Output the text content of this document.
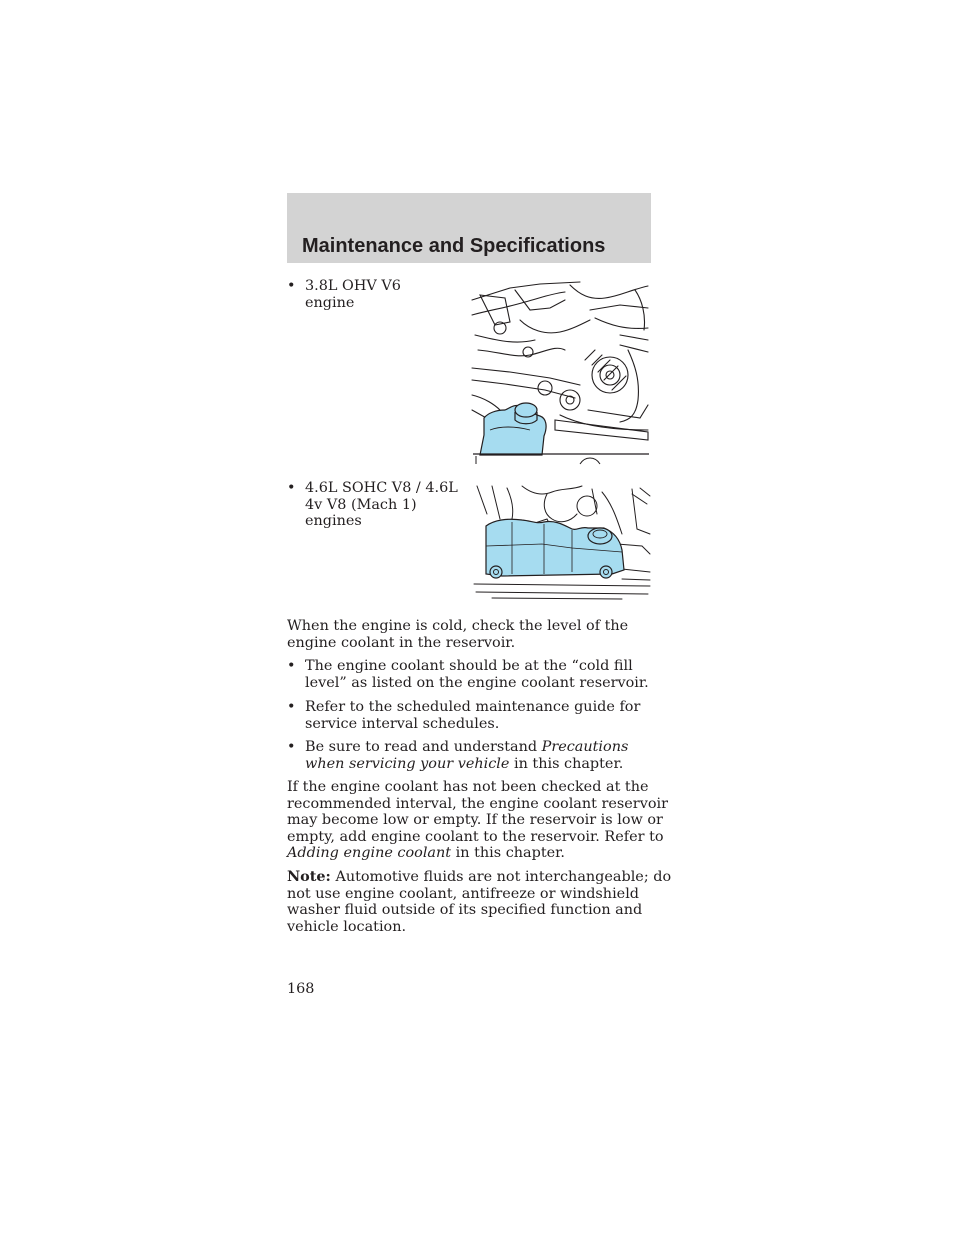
Maintenance and Specifications
• 3.8L OHV V6 engine
• 4.6L SOHC V8 / 4.6L
4v V8 (Mach 1)
engines

When the engine is cold, check the level of the
engine coolant in the reservoir.

• The engine coolant should be at the “cold fill
level” as listed on the engine coolant reservoir.
• Refer to the scheduled maintenance guide for
service interval schedules.
• Be sure to read and understand Precautions
when servicing your vehicle in this chapter.

If the engine coolant has not been checked at the
recommended interval, the engine coolant reservoir
may become low or empty. If the reservoir is low or
empty, add engine coolant to the reservoir. Refer to
Adding engine coolant in this chapter.

Note: Automotive fluids are not interchangeable; do
not use engine coolant, antifreeze or windshield
washer fluid outside of its specified function and
vehicle location.

168
